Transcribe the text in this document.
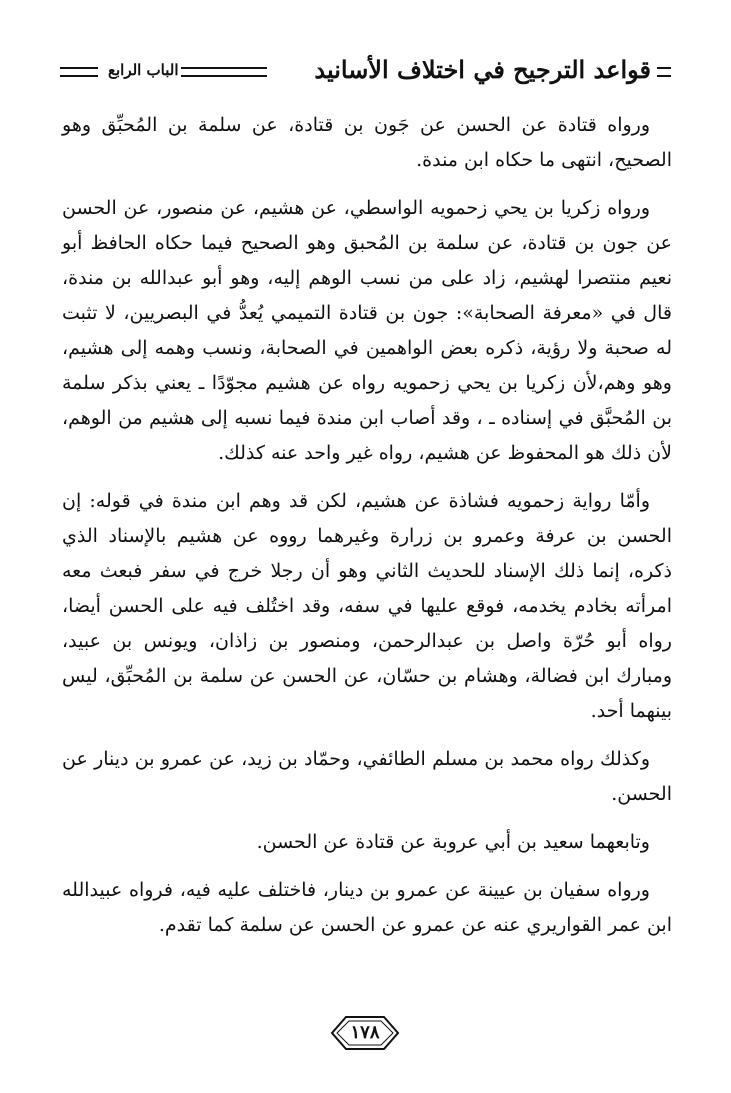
قواعد الترجيح في اختلاف الأسانيد
الباب الرابع

ورواه قتادة عن الحسن عن جَون بن قتادة، عن سلمة بن المُحبِّق وهو الصحيح، انتهى ما حكاه ابن مندة.

ورواه زكريا بن يحي زحمويه الواسطي، عن هشيم، عن منصور، عن الحسن عن جون بن قتادة، عن سلمة بن المُحبق وهو الصحيح فيما حكاه الحافظ أبو نعيم منتصرا لهشيم، زاد على من نسب الوهم إليه، وهو أبو عبدالله بن مندة، قال في «معرفة الصحابة»: جون بن قتادة التميمي يُعدُّ في البصريين، لا تثبت له صحبة ولا رؤية، ذكره بعض الواهمين في الصحابة، ونسب وهمه إلى هشيم، وهو وهم،لأن زكريا بن يحي زحمويه رواه عن هشيم مجوّدًا ـ يعني بذكر سلمة بن المُحبَّق في إسناده ـ ، وقد أصاب ابن مندة فيما نسبه إلى هشيم من الوهم، لأن ذلك هو المحفوظ عن هشيم، رواه غير واحد عنه كذلك.

وأمّا رواية زحمويه فشاذة عن هشيم، لكن قد وهم ابن مندة في قوله: إن الحسن بن عرفة وعمرو بن زرارة وغيرهما رووه عن هشيم بالإسناد الذي ذكره، إنما ذلك الإسناد للحديث الثاني وهو أن رجلا خرج في سفر فبعث معه امرأته بخادم يخدمه، فوقع عليها في سفه، وقد اختُلف فيه على الحسن أيضا، رواه أبو حُرّة واصل بن عبدالرحمن، ومنصور بن زاذان، ويونس بن عبيد، ومبارك ابن فضالة، وهشام بن حسّان، عن الحسن عن سلمة بن المُحبِّق، ليس بينهما أحد.

وكذلك رواه محمد بن مسلم الطائفي، وحمّاد بن زيد، عن عمرو بن دينار عن الحسن.

وتابعهما سعيد بن أبي عروبة عن قتادة عن الحسن.

ورواه سفيان بن عيينة عن عمرو بن دينار، فاختلف عليه فيه، فرواه عبيدالله ابن عمر القواريري عنه عن عمرو عن الحسن عن سلمة كما تقدم.

١٧٨
